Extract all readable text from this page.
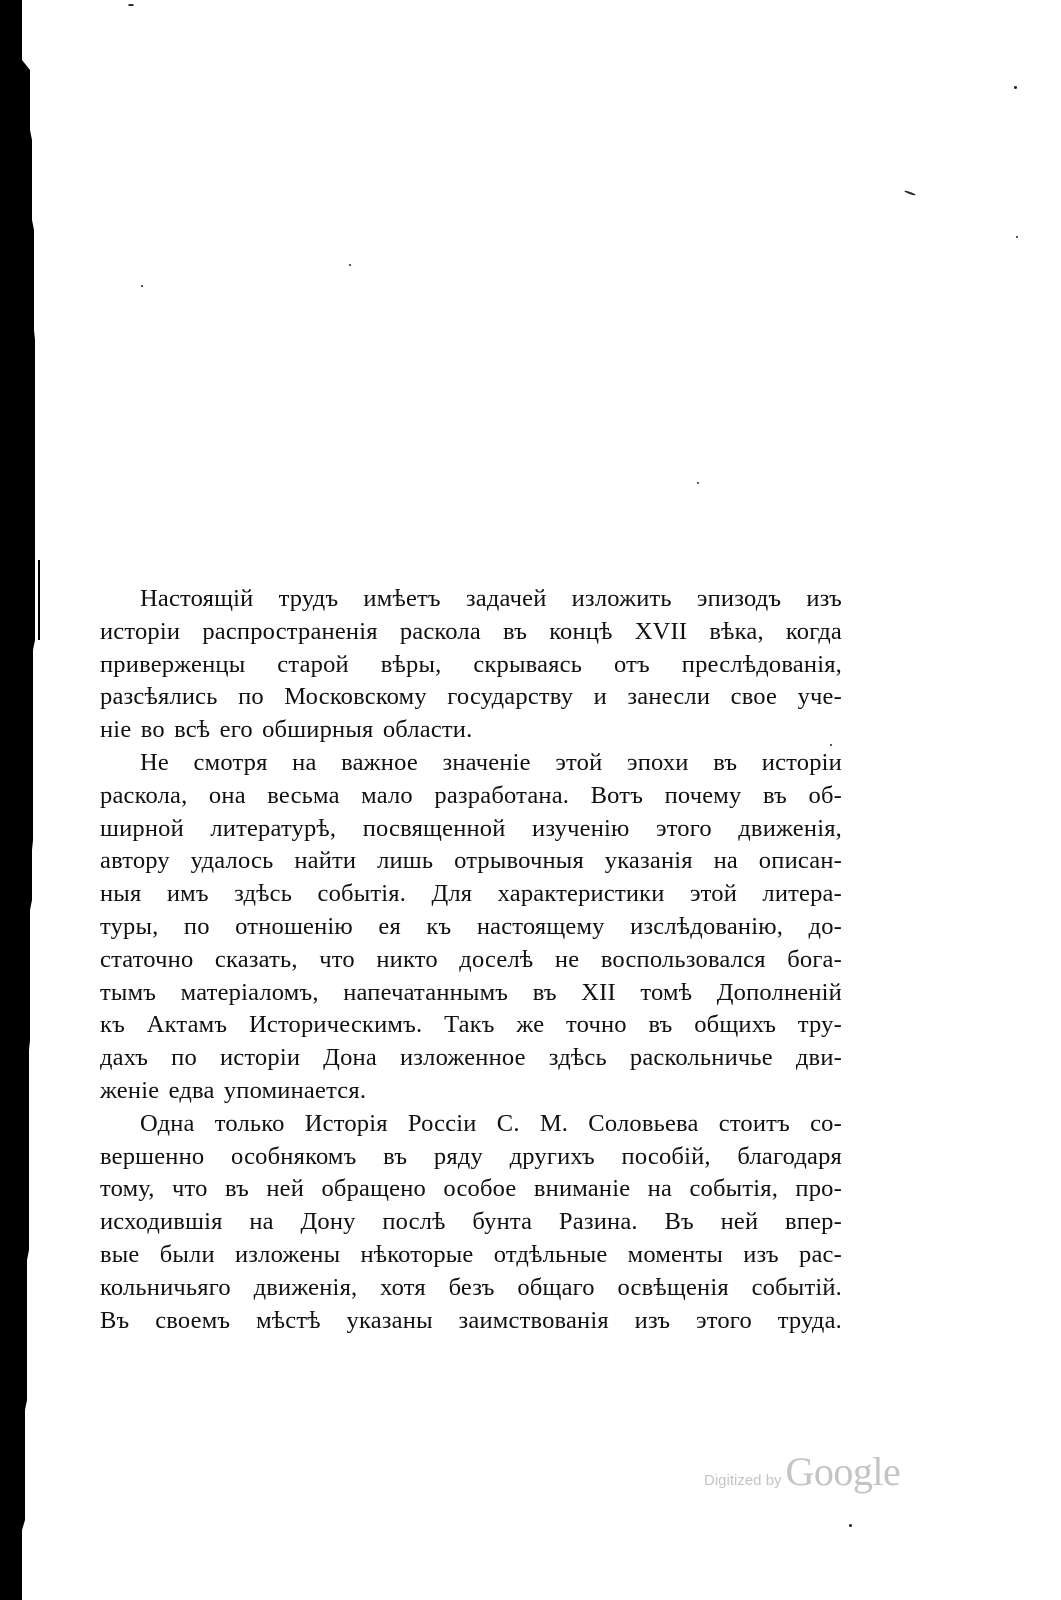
Настоящій трудъ имѣетъ задачей изложить эпизодъ изъ
исторіи распространенія раскола въ концѣ XVII вѣка, когда
приверженцы старой вѣры, скрываясь отъ преслѣдованія,
разсѣялись по Московскому государству и занесли свое уче-
ніе во всѣ его обширныя области.
Не смотря на важное значеніе этой эпохи въ исторіи
раскола, она весьма мало разработана. Вотъ почему въ об-
ширной литературѣ, посвященной изученію этого движенія,
автору удалось найти лишь отрывочныя указанія на описан-
ныя имъ здѣсь событія. Для характеристики этой литера-
туры, по отношенію ея къ настоящему изслѣдованію, до-
статочно сказать, что никто доселѣ не воспользовался бога-
тымъ матеріаломъ, напечатаннымъ въ XII томѣ Дополненій
къ Актамъ Историческимъ. Такъ же точно въ общихъ тру-
дахъ по исторіи Дона изложенное здѣсь раскольничье дви-
женіе едва упоминается.
Одна только Исторія Россіи С. М. Соловьева стоитъ со-
вершенно особнякомъ въ ряду другихъ пособій, благодаря
тому, что въ ней обращено особое вниманіе на событія, про-
исходившія на Дону послѣ бунта Разина. Въ ней впер-
вые были изложены нѣкоторые отдѣльные моменты изъ рас-
кольничьяго движенія, хотя безъ общаго освѣщенія событій.
Въ своемъ мѣстѣ указаны заимствованія изъ этого труда.
Digitized by Google
